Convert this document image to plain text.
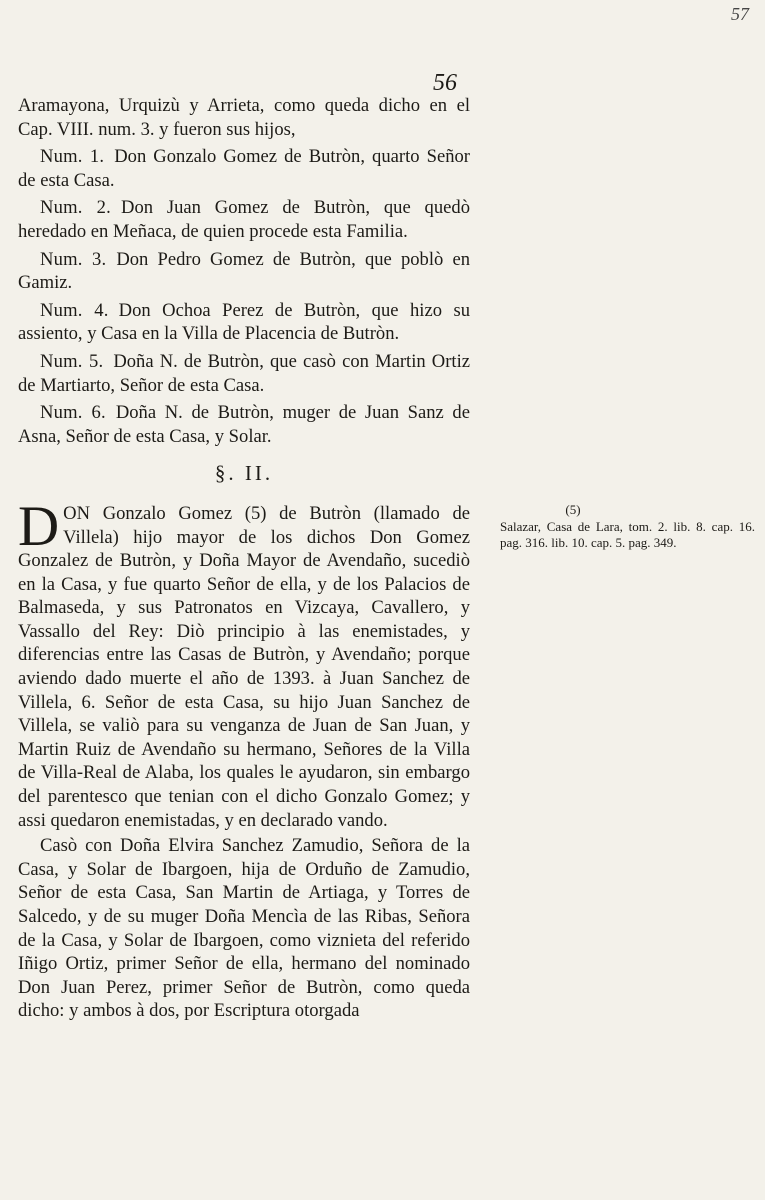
57
56

Aramayona, Urquizù y Arrieta, como queda dicho en el Cap. VIII. num. 3. y fueron sus hijos,

Num. 1. Don Gonzalo Gomez de Butròn, quarto Señor de esta Casa.

Num. 2. Don Juan Gomez de Butròn, que quedò heredado en Meñaca, de quien procede esta Familia.

Num. 3. Don Pedro Gomez de Butròn, que poblò en Gamiz.

Num. 4. Don Ochoa Perez de Butròn, que hizo su assiento, y Casa en la Villa de Placencia de Butròn.

Num. 5. Doña N. de Butròn, que casò con Martin Ortiz de Martiarto, Señor de esta Casa.

Num. 6. Doña N. de Butròn, muger de Juan Sanz de Asna, Señor de esta Casa, y Solar.

§. II.

DON Gonzalo Gomez (5) de Butròn (llamado de Villela) hijo mayor de los dichos Don Gomez Gonzalez de Butròn, y Doña Mayor de Avendaño, sucediò en la Casa, y fue quarto Señor de ella, y de los Palacios de Balmaseda, y sus Patronatos en Vizcaya, Cavallero, y Vassallo del Rey: Diò principio à las enemistades, y diferencias entre las Casas de Butròn, y Avendaño; porque aviendo dado muerte el año de 1393. à Juan Sanchez de Villela, 6. Señor de esta Casa, su hijo Juan Sanchez de Villela, se valiò para su venganza de Juan de San Juan, y Martin Ruiz de Avendaño su hermano, Señores de la Villa de Villa-Real de Alaba, los quales le ayudaron, sin embargo del parentesco que tenian con el dicho Gonzalo Gomez; y assi quedaron enemistadas, y en declarado vando.

Casò con Doña Elvira Sanchez Zamudio, Señora de la Casa, y Solar de Ibargoen, hija de Orduño de Zamudio, Señor de esta Casa, San Martin de Artiaga, y Torres de Salcedo, y de su muger Doña Mencìa de las Ribas, Señora de la Casa, y Solar de Ibargoen, como viznieta del referido Iñigo Ortiz, primer Señor de ella, hermano del nominado Don Juan Perez, primer Señor de Butròn, como queda dicho: y ambos à dos, por Escriptura otorgada

(5)
Salazar, Casa de Lara, tom. 2. lib. 8. cap. 16. pag. 316. lib. 10. cap. 5. pag. 349.
